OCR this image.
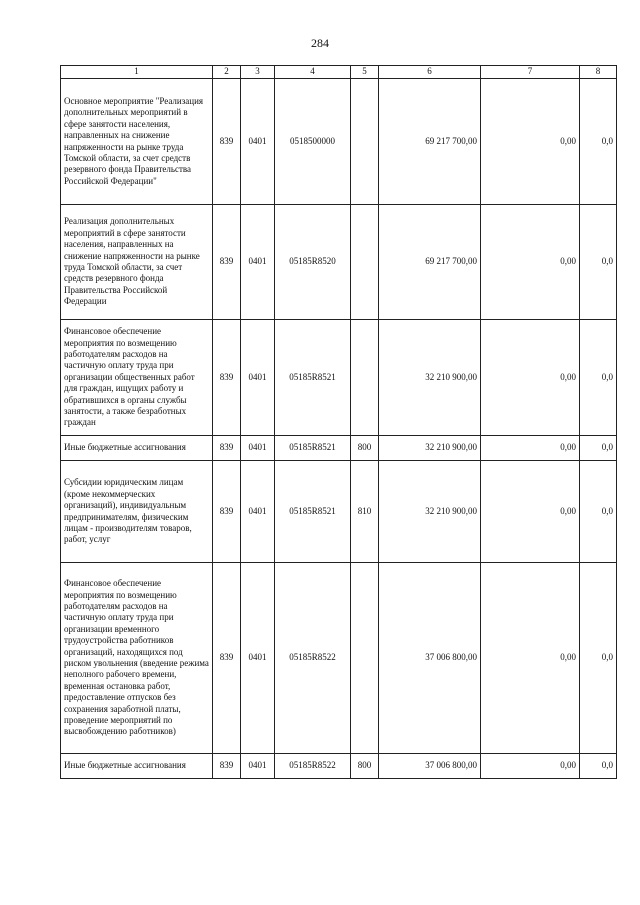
284
1	2	3	4	5	6	7	8
Основное мероприятие "Реализация дополнительных мероприятий в сфере занятости населения, направленных на снижение напряженности на рынке труда Томской области, за счет средств резервного фонда Правительства Российской Федерации"	839	0401	0518500000		69 217 700,00	0,00	0,0
Реализация дополнительных мероприятий в сфере занятости населения, направленных на снижение напряженности на рынке труда Томской области, за счет средств резервного фонда Правительства Российской Федерации	839	0401	05185R8520		69 217 700,00	0,00	0,0
Финансовое обеспечение мероприятия по возмещению работодателям расходов на частичную оплату труда при организации общественных работ для граждан, ищущих работу и обратившихся в органы службы занятости, а также безработных граждан	839	0401	05185R8521		32 210 900,00	0,00	0,0
Иные бюджетные ассигнования	839	0401	05185R8521	800	32 210 900,00	0,00	0,0
Субсидии юридическим лицам (кроме некоммерческих организаций), индивидуальным предпринимателям, физическим лицам - производителям товаров, работ, услуг	839	0401	05185R8521	810	32 210 900,00	0,00	0,0
Финансовое обеспечение мероприятия по возмещению работодателям расходов на частичную оплату труда при организации временного трудоустройства работников организаций, находящихся под риском увольнения (введение режима неполного рабочего времени, временная остановка работ, предоставление отпусков без сохранения заработной платы, проведение мероприятий по высвобождению работников)	839	0401	05185R8522		37 006 800,00	0,00	0,0
Иные бюджетные ассигнования	839	0401	05185R8522	800	37 006 800,00	0,00	0,0
